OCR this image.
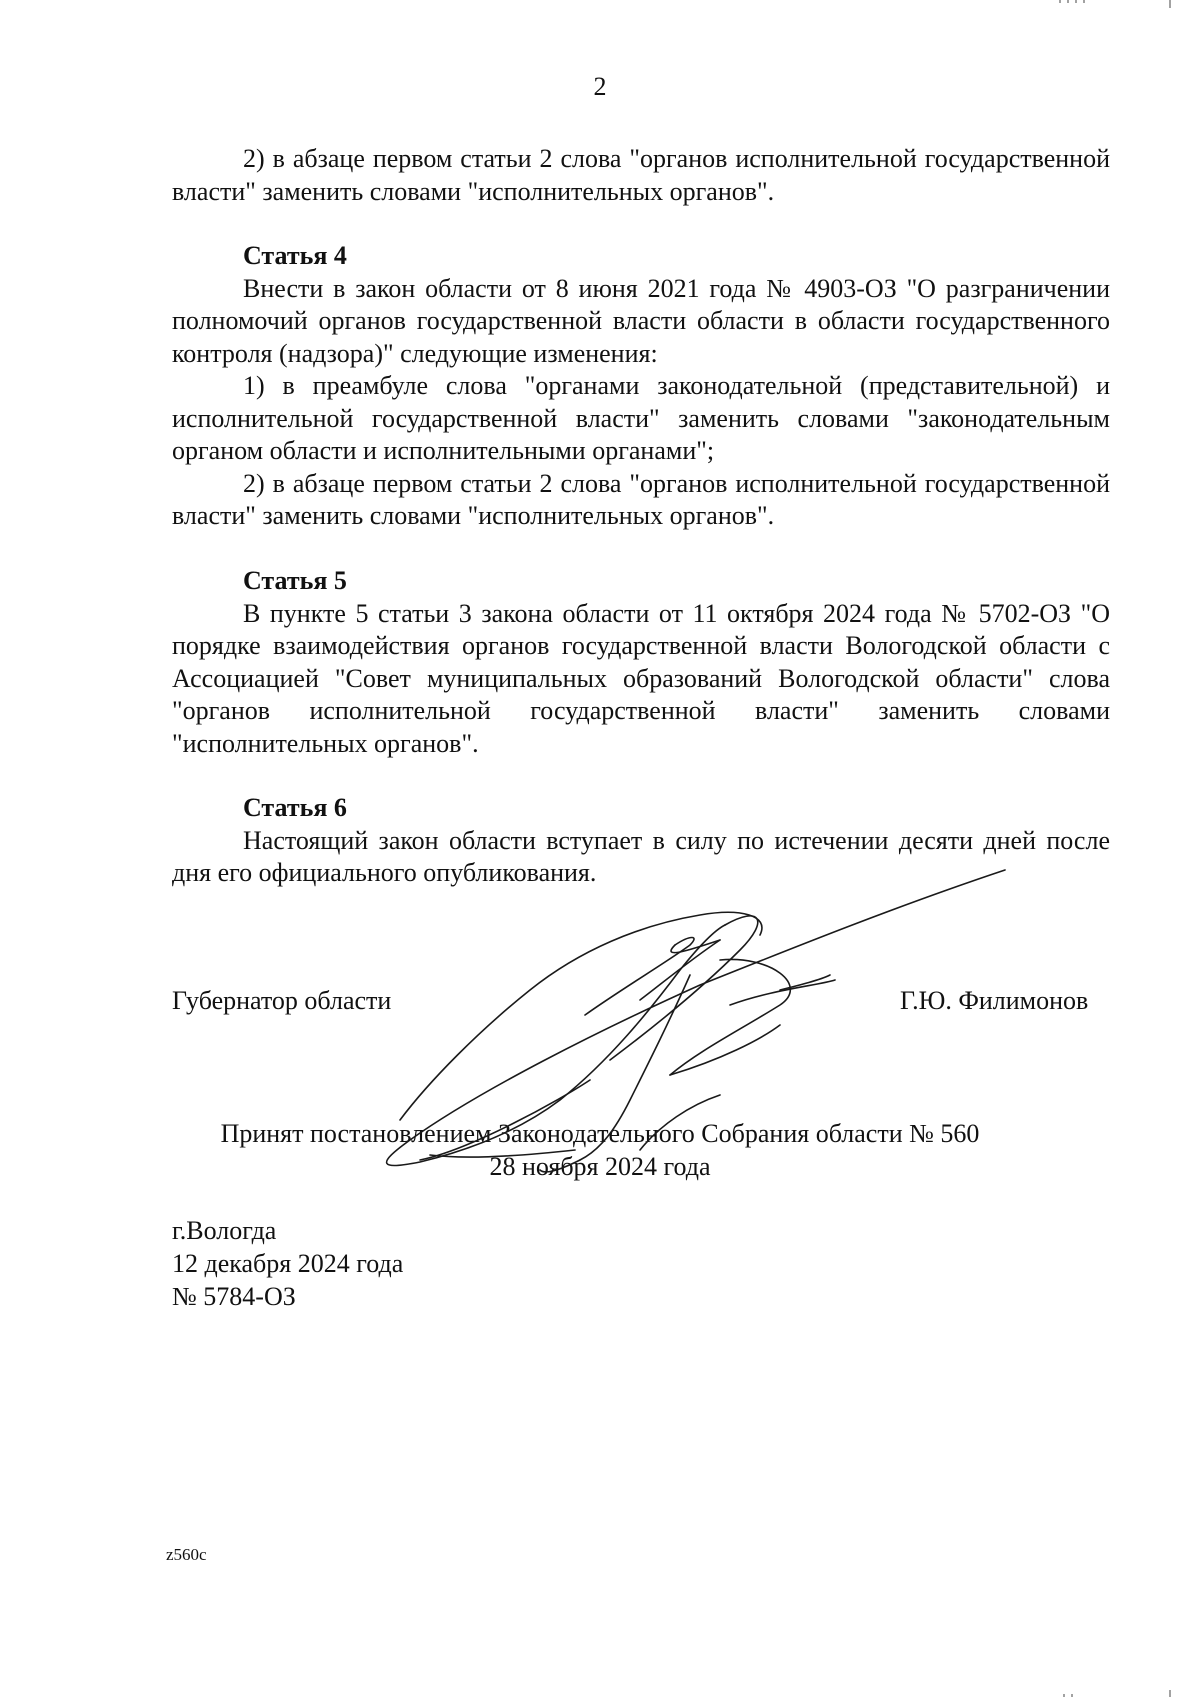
2

2) в абзаце первом статьи 2 слова "органов исполнительной государственной власти" заменить словами "исполнительных органов".

Статья 4

Внести в закон области от 8 июня 2021 года № 4903-ОЗ "О разграничении полномочий органов государственной власти области в области государственного контроля (надзора)" следующие изменения:

1) в преамбуле слова "органами законодательной (представительной) и исполнительной государственной власти" заменить словами "законодательным органом области и исполнительными органами";

2) в абзаце первом статьи 2 слова "органов исполнительной государственной власти" заменить словами "исполнительных органов".

Статья 5

В пункте 5 статьи 3 закона области от 11 октября 2024 года № 5702-ОЗ "О порядке взаимодействия органов государственной власти Вологодской области с Ассоциацией "Совет муниципальных образований Вологодской области" слова "органов исполнительной государственной власти" заменить словами "исполнительных органов".

Статья 6

Настоящий закон области вступает в силу по истечении десяти дней после дня его официального опубликования.

Губернатор области	Г.Ю. Филимонов
Принят постановлением Законодательного Собрания области № 560
28 ноября 2024 года
г.Вологда
12 декабря 2024 года
№ 5784-ОЗ
z560c
